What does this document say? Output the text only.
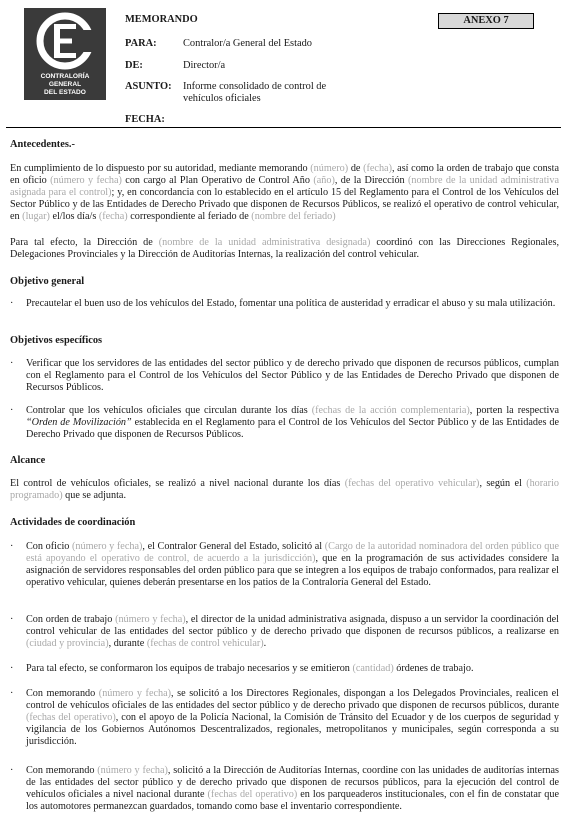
CONTRALORÍA
GENERAL
DEL ESTADO
MEMORANDO	ANEXO 7
PARA:	Contralor/a General del Estado
DE:	Director/a
ASUNTO: Informe consolidado de control de
vehículos oficiales
FECHA:
Antecedentes.-
En cumplimiento de lo dispuesto por su autoridad, mediante memorando (número) de (fecha), así como la orden de trabajo que consta en oficio (número y fecha) con cargo al Plan Operativo de Control Año (año), de la Dirección (nombre de la unidad administrativa asignada para el control); y, en concordancia con lo establecido en el artículo 15 del Reglamento para el Control de los Vehículos del Sector Público y de las Entidades de Derecho Privado que disponen de Recursos Públicos, se realizó el operativo de control vehicular, en (lugar) el/los día/s (fecha) correspondiente al feriado de (nombre del feriado)
Para tal efecto, la Dirección de (nombre de la unidad administrativa designada) coordinó con las Direcciones Regionales, Delegaciones Provinciales y la Dirección de Auditorías Internas, la realización del control vehicular.
Objetivo general
·	Precautelar el buen uso de los vehículos del Estado, fomentar una política de austeridad y erradicar el abuso y su mala utilización.
Objetivos específicos
·	Verificar que los servidores de las entidades del sector público y de derecho privado que disponen de recursos públicos, cumplan con el Reglamento para el Control de los Vehículos del Sector Público y de las Entidades de Derecho Privado que disponen de Recursos Públicos.
·	Controlar que los vehículos oficiales que circulan durante los días (fechas de la acción complementaria), porten la respectiva “Orden de Movilización” establecida en el Reglamento para el Control de los Vehículos del Sector Público y de las Entidades de Derecho Privado que disponen de Recursos Públicos.
Alcance
El control de vehículos oficiales, se realizó a nivel nacional durante los días (fechas del operativo vehicular), según el (horario programado) que se adjunta.
Actividades de coordinación
·	Con oficio (número y fecha), el Contralor General del Estado, solicitó al (Cargo de la autoridad nominadora del orden público que está apoyando el operativo de control, de acuerdo a la jurisdicción), que en la programación de sus actividades considere la asignación de servidores responsables del orden público para que se integren a los equipos de trabajo conformados, para realizar el operativo vehicular, quienes deberán presentarse en los patios de la Contraloría General del Estado.
·	Con orden de trabajo (número y fecha), el director de la unidad administrativa asignada, dispuso a un servidor la coordinación del control vehicular de las entidades del sector público y de derecho privado que disponen de recursos públicos, a realizarse en (ciudad y provincia), durante (fechas de control vehicular).
·	Para tal efecto, se conformaron los equipos de trabajo necesarios y se emitieron (cantidad) órdenes de trabajo.
·	Con memorando (número y fecha), se solicitó a los Directores Regionales, dispongan a los Delegados Provinciales, realicen el control de vehículos oficiales de las entidades del sector público y de derecho privado que disponen de recursos públicos, durante (fechas del operativo), con el apoyo de la Policía Nacional, la Comisión de Tránsito del Ecuador y de los cuerpos de seguridad y vigilancia de los Gobiernos Autónomos Descentralizados, regionales, metropolitanos y municipales, según corresponda a su jurisdicción.
·	Con memorando (número y fecha), solicitó a la Dirección de Auditorías Internas, coordine con las unidades de auditorías internas de las entidades del sector público y de derecho privado que disponen de recursos públicos, para la ejecución del control de vehículos oficiales a nivel nacional durante (fechas del operativo) en los parqueaderos institucionales, con el fin de constatar que los automotores permanezcan guardados, tomando como base el inventario correspondiente.
